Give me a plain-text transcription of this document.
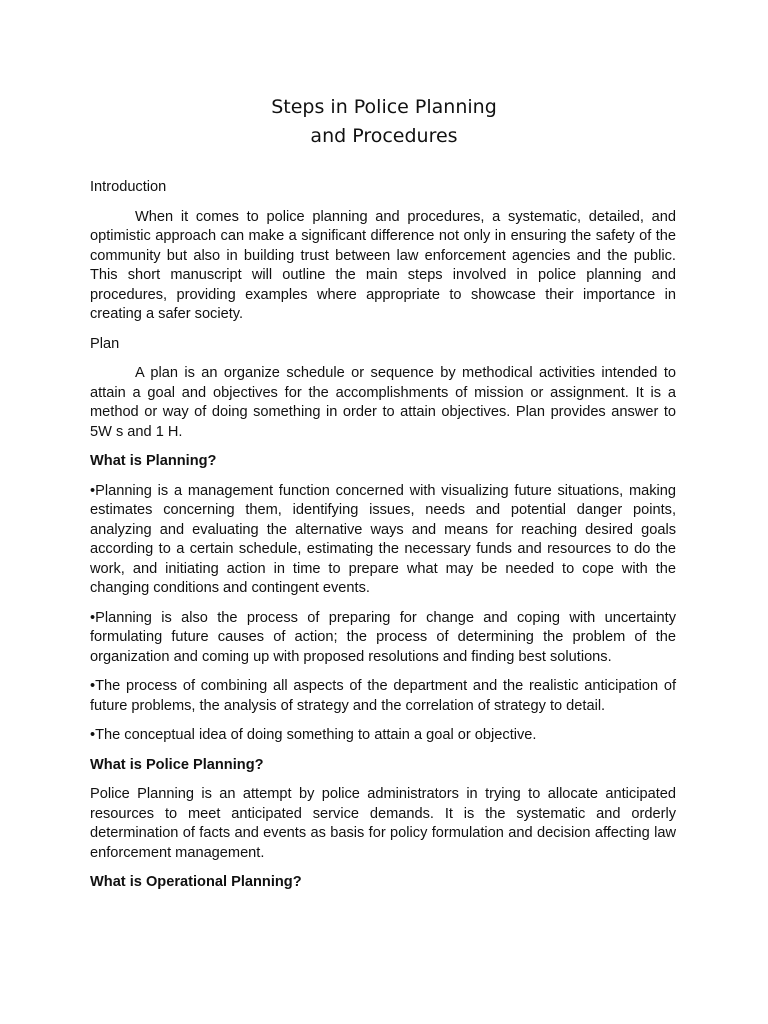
Steps in Police Planning
and Procedures

Introduction

When it comes to police planning and procedures, a systematic, detailed, and optimistic approach can make a significant difference not only in ensuring the safety of the community but also in building trust between law enforcement agencies and the public. This short manuscript will outline the main steps involved in police planning and procedures, providing examples where appropriate to showcase their importance in creating a safer society.

Plan

A plan is an organize schedule or sequence by methodical activities intended to attain a goal and objectives for the accomplishments of mission or assignment. It is a method or way of doing something in order to attain objectives. Plan provides answer to 5W s and 1 H.

What is Planning?

•Planning is a management function concerned with visualizing future situations, making estimates concerning them, identifying issues, needs and potential danger points, analyzing and evaluating the alternative ways and means for reaching desired goals according to a certain schedule, estimating the necessary funds and resources to do the work, and initiating action in time to prepare what may be needed to cope with the changing conditions and contingent events.

•Planning is also the process of preparing for change and coping with uncertainty formulating future causes of action; the process of determining the problem of the organization and coming up with proposed resolutions and finding best solutions.

•The process of combining all aspects of the department and the realistic anticipation of future problems, the analysis of strategy and the correlation of strategy to detail.

•The conceptual idea of doing something to attain a goal or objective.

What is Police Planning?

Police Planning is an attempt by police administrators in trying to allocate anticipated resources to meet anticipated service demands. It is the systematic and orderly determination of facts and events as basis for policy formulation and decision affecting law enforcement management.

What is Operational Planning?
